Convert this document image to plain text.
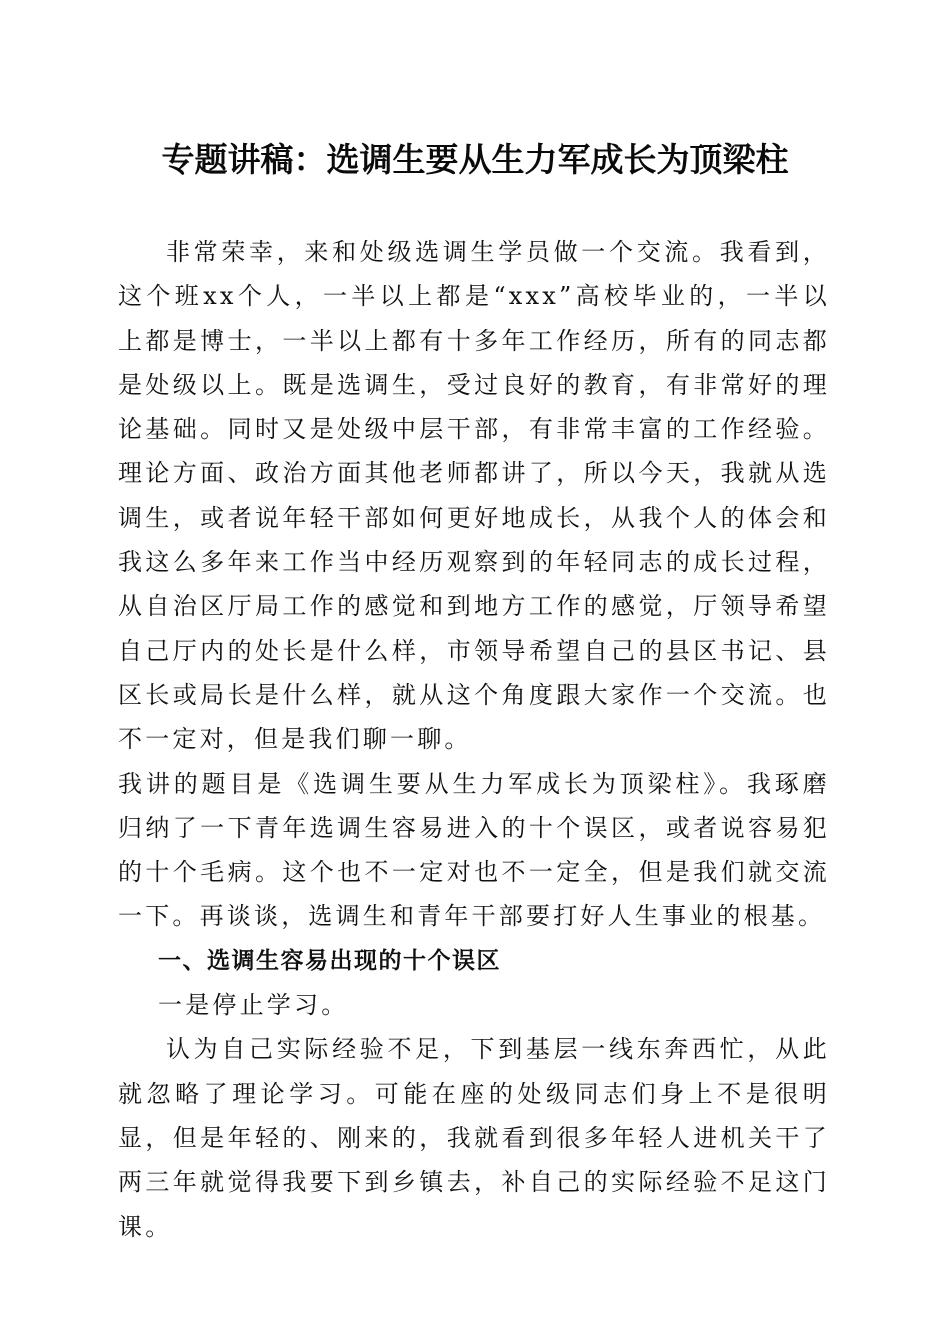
专题讲稿：选调生要从生力军成长为顶梁柱

非常荣幸，来和处级选调生学员做一个交流。我看到，这个班xx个人，一半以上都是“xxx”高校毕业的，一半以上都是博士，一半以上都有十多年工作经历，所有的同志都是处级以上。既是选调生，受过良好的教育，有非常好的理论基础。同时又是处级中层干部，有非常丰富的工作经验。理论方面、政治方面其他老师都讲了，所以今天，我就从选调生，或者说年轻干部如何更好地成长，从我个人的体会和我这么多年来工作当中经历观察到的年轻同志的成长过程，从自治区厅局工作的感觉和到地方工作的感觉，厅领导希望自己厅内的处长是什么样，市领导希望自己的县区书记、县区长或局长是什么样，就从这个角度跟大家作一个交流。也不一定对，但是我们聊一聊。

我讲的题目是《选调生要从生力军成长为顶梁柱》。我琢磨归纳了一下青年选调生容易进入的十个误区，或者说容易犯的十个毛病。这个也不一定对也不一定全，但是我们就交流一下。再谈谈，选调生和青年干部要打好人生事业的根基。

一、选调生容易出现的十个误区

一是停止学习。

认为自己实际经验不足，下到基层一线东奔西忙，从此就忽略了理论学习。可能在座的处级同志们身上不是很明显，但是年轻的、刚来的，我就看到很多年轻人进机关干了两三年就觉得我要下到乡镇去，补自己的实际经验不足这门课。
